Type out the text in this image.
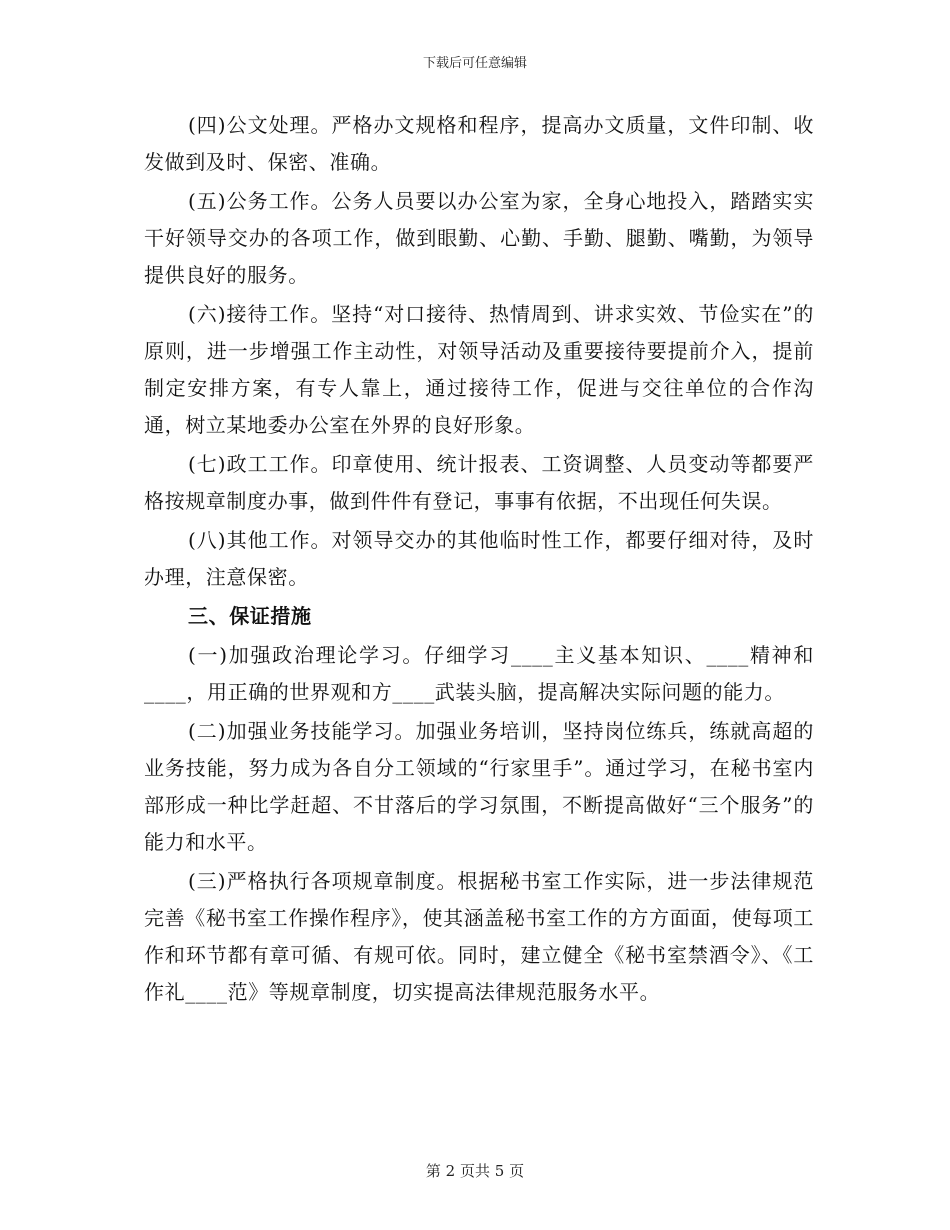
下载后可任意编辑

(四)公文处理。严格办文规格和程序，提高办文质量，文件印制、收发做到及时、保密、准确。

(五)公务工作。公务人员要以办公室为家，全身心地投入，踏踏实实干好领导交办的各项工作，做到眼勤、心勤、手勤、腿勤、嘴勤，为领导提供良好的服务。

(六)接待工作。坚持“对口接待、热情周到、讲求实效、节俭实在”的原则，进一步增强工作主动性，对领导活动及重要接待要提前介入，提前制定安排方案，有专人靠上，通过接待工作，促进与交往单位的合作沟通，树立某地委办公室在外界的良好形象。

(七)政工工作。印章使用、统计报表、工资调整、人员变动等都要严格按规章制度办事，做到件件有登记，事事有依据，不出现任何失误。

(八)其他工作。对领导交办的其他临时性工作，都要仔细对待，及时办理，注意保密。

三、保证措施

(一)加强政治理论学习。仔细学习____主义基本知识、____精神和____，用正确的世界观和方____武装头脑，提高解决实际问题的能力。

(二)加强业务技能学习。加强业务培训，坚持岗位练兵，练就高超的业务技能，努力成为各自分工领域的“行家里手”。通过学习，在秘书室内部形成一种比学赶超、不甘落后的学习氛围，不断提高做好“三个服务”的能力和水平。

(三)严格执行各项规章制度。根据秘书室工作实际，进一步法律规范完善《秘书室工作操作程序》，使其涵盖秘书室工作的方方面面，使每项工作和环节都有章可循、有规可依。同时，建立健全《秘书室禁酒令》、《工作礼____范》等规章制度，切实提高法律规范服务水平。

第 2 页共 5 页
